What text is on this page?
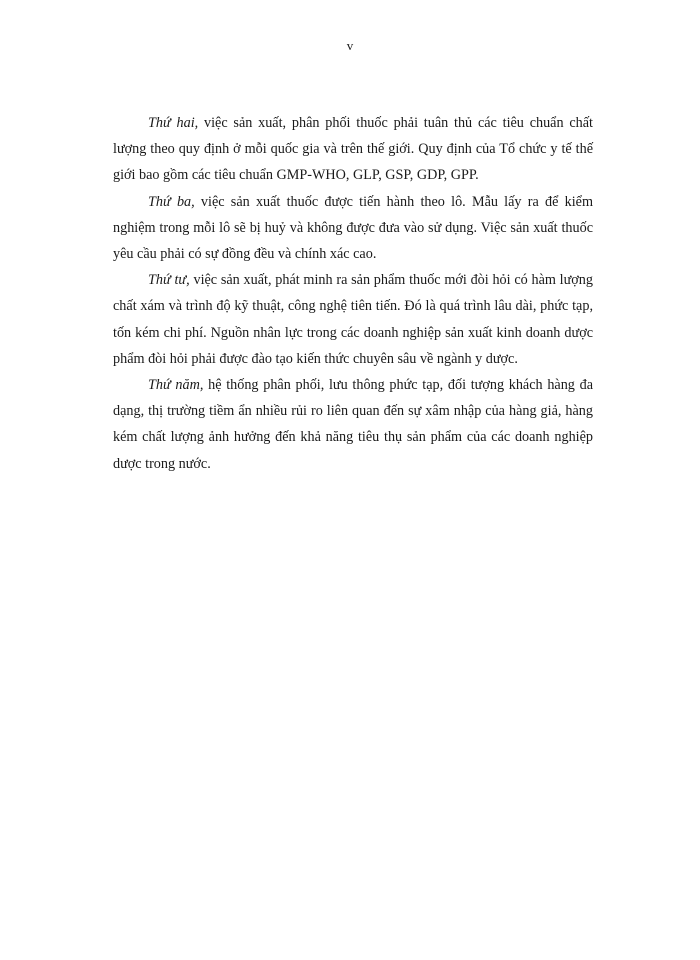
v

Thứ hai, việc sản xuất, phân phối thuốc phải tuân thủ các tiêu chuẩn chất lượng theo quy định ở mỗi quốc gia và trên thế giới. Quy định của Tổ chức y tế thế giới bao gồm các tiêu chuẩn GMP-WHO, GLP, GSP, GDP, GPP.

Thứ ba, việc sản xuất thuốc được tiến hành theo lô. Mẫu lấy ra để kiểm nghiệm trong mỗi lô sẽ bị huỷ và không được đưa vào sử dụng. Việc sản xuất thuốc yêu cầu phải có sự đồng đều và chính xác cao.

Thứ tư, việc sản xuất, phát minh ra sản phẩm thuốc mới đòi hỏi có hàm lượng chất xám và trình độ kỹ thuật, công nghệ tiên tiến. Đó là quá trình lâu dài, phức tạp, tốn kém chi phí. Nguồn nhân lực trong các doanh nghiệp sản xuất kinh doanh dược phẩm đòi hỏi phải được đào tạo kiến thức chuyên sâu về ngành y dược.

Thứ năm, hệ thống phân phối, lưu thông phức tạp, đối tượng khách hàng đa dạng, thị trường tiềm ẩn nhiều rủi ro liên quan đến sự xâm nhập của hàng giả, hàng kém chất lượng ảnh hưởng đến khả năng tiêu thụ sản phẩm của các doanh nghiệp dược trong nước.
